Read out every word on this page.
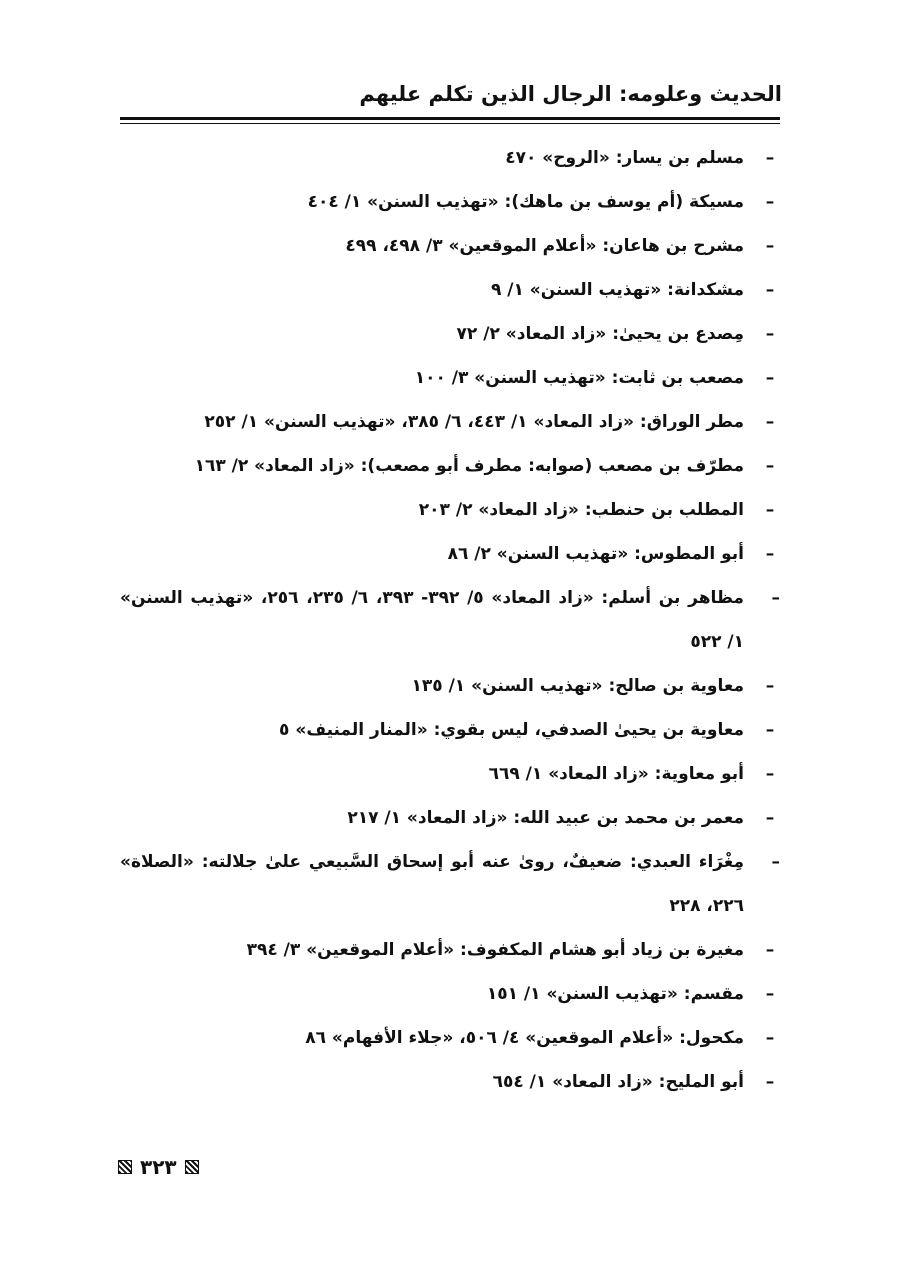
الحديث وعلومه: الرجال الذين تكلم عليهم
–
مسلم بن يسار: «الروح» ٤٧٠
–
مسيكة (أم يوسف بن ماهك): «تهذيب السنن» ١/ ٤٠٤
–
مشرح بن هاعان: «أعلام الموقعين» ٣/ ٤٩٨، ٤٩٩
–
مشكدانة: «تهذيب السنن» ١/ ٩
–
مِصدع بن يحيىٰ: «زاد المعاد» ٢/ ٧٢
–
مصعب بن ثابت: «تهذيب السنن» ٣/ ١٠٠
–
مطر الوراق: «زاد المعاد» ١/ ٤٤٣، ٦/ ٣٨٥، «تهذيب السنن» ١/ ٢٥٢
–
مطرّف بن مصعب (صوابه: مطرف أبو مصعب): «زاد المعاد» ٢/ ١٦٣
–
المطلب بن حنطب: «زاد المعاد» ٢/ ٢٠٣
–
أبو المطوس: «تهذيب السنن» ٢/ ٨٦
–
مظاهر بن أسلم: «زاد المعاد» ٥/ ٣٩٢- ٣٩٣، ٦/ ٢٣٥، ٢٥٦، «تهذيب السنن» ١/ ٥٢٢
–
معاوية بن صالح: «تهذيب السنن» ١/ ١٣٥
–
معاوية بن يحيىٰ الصدفي، ليس بقوي: «المنار المنيف» ٥
–
أبو معاوية: «زاد المعاد» ١/ ٦٦٩
–
معمر بن محمد بن عبيد الله: «زاد المعاد» ١/ ٢١٧
–
مِغْرَاء العبدي: ضعيفٌ، روىٰ عنه أبو إسحاق السَّبيعي علىٰ جلالته: «الصلاة» ٢٢٦، ٢٢٨
–
مغيرة بن زياد أبو هشام المكفوف: «أعلام الموقعين» ٣/ ٣٩٤
–
مقسم: «تهذيب السنن» ١/ ١٥١
–
مكحول: «أعلام الموقعين» ٤/ ٥٠٦، «جلاء الأفهام» ٨٦
–
أبو المليح: «زاد المعاد» ١/ ٦٥٤
٣٢٣
